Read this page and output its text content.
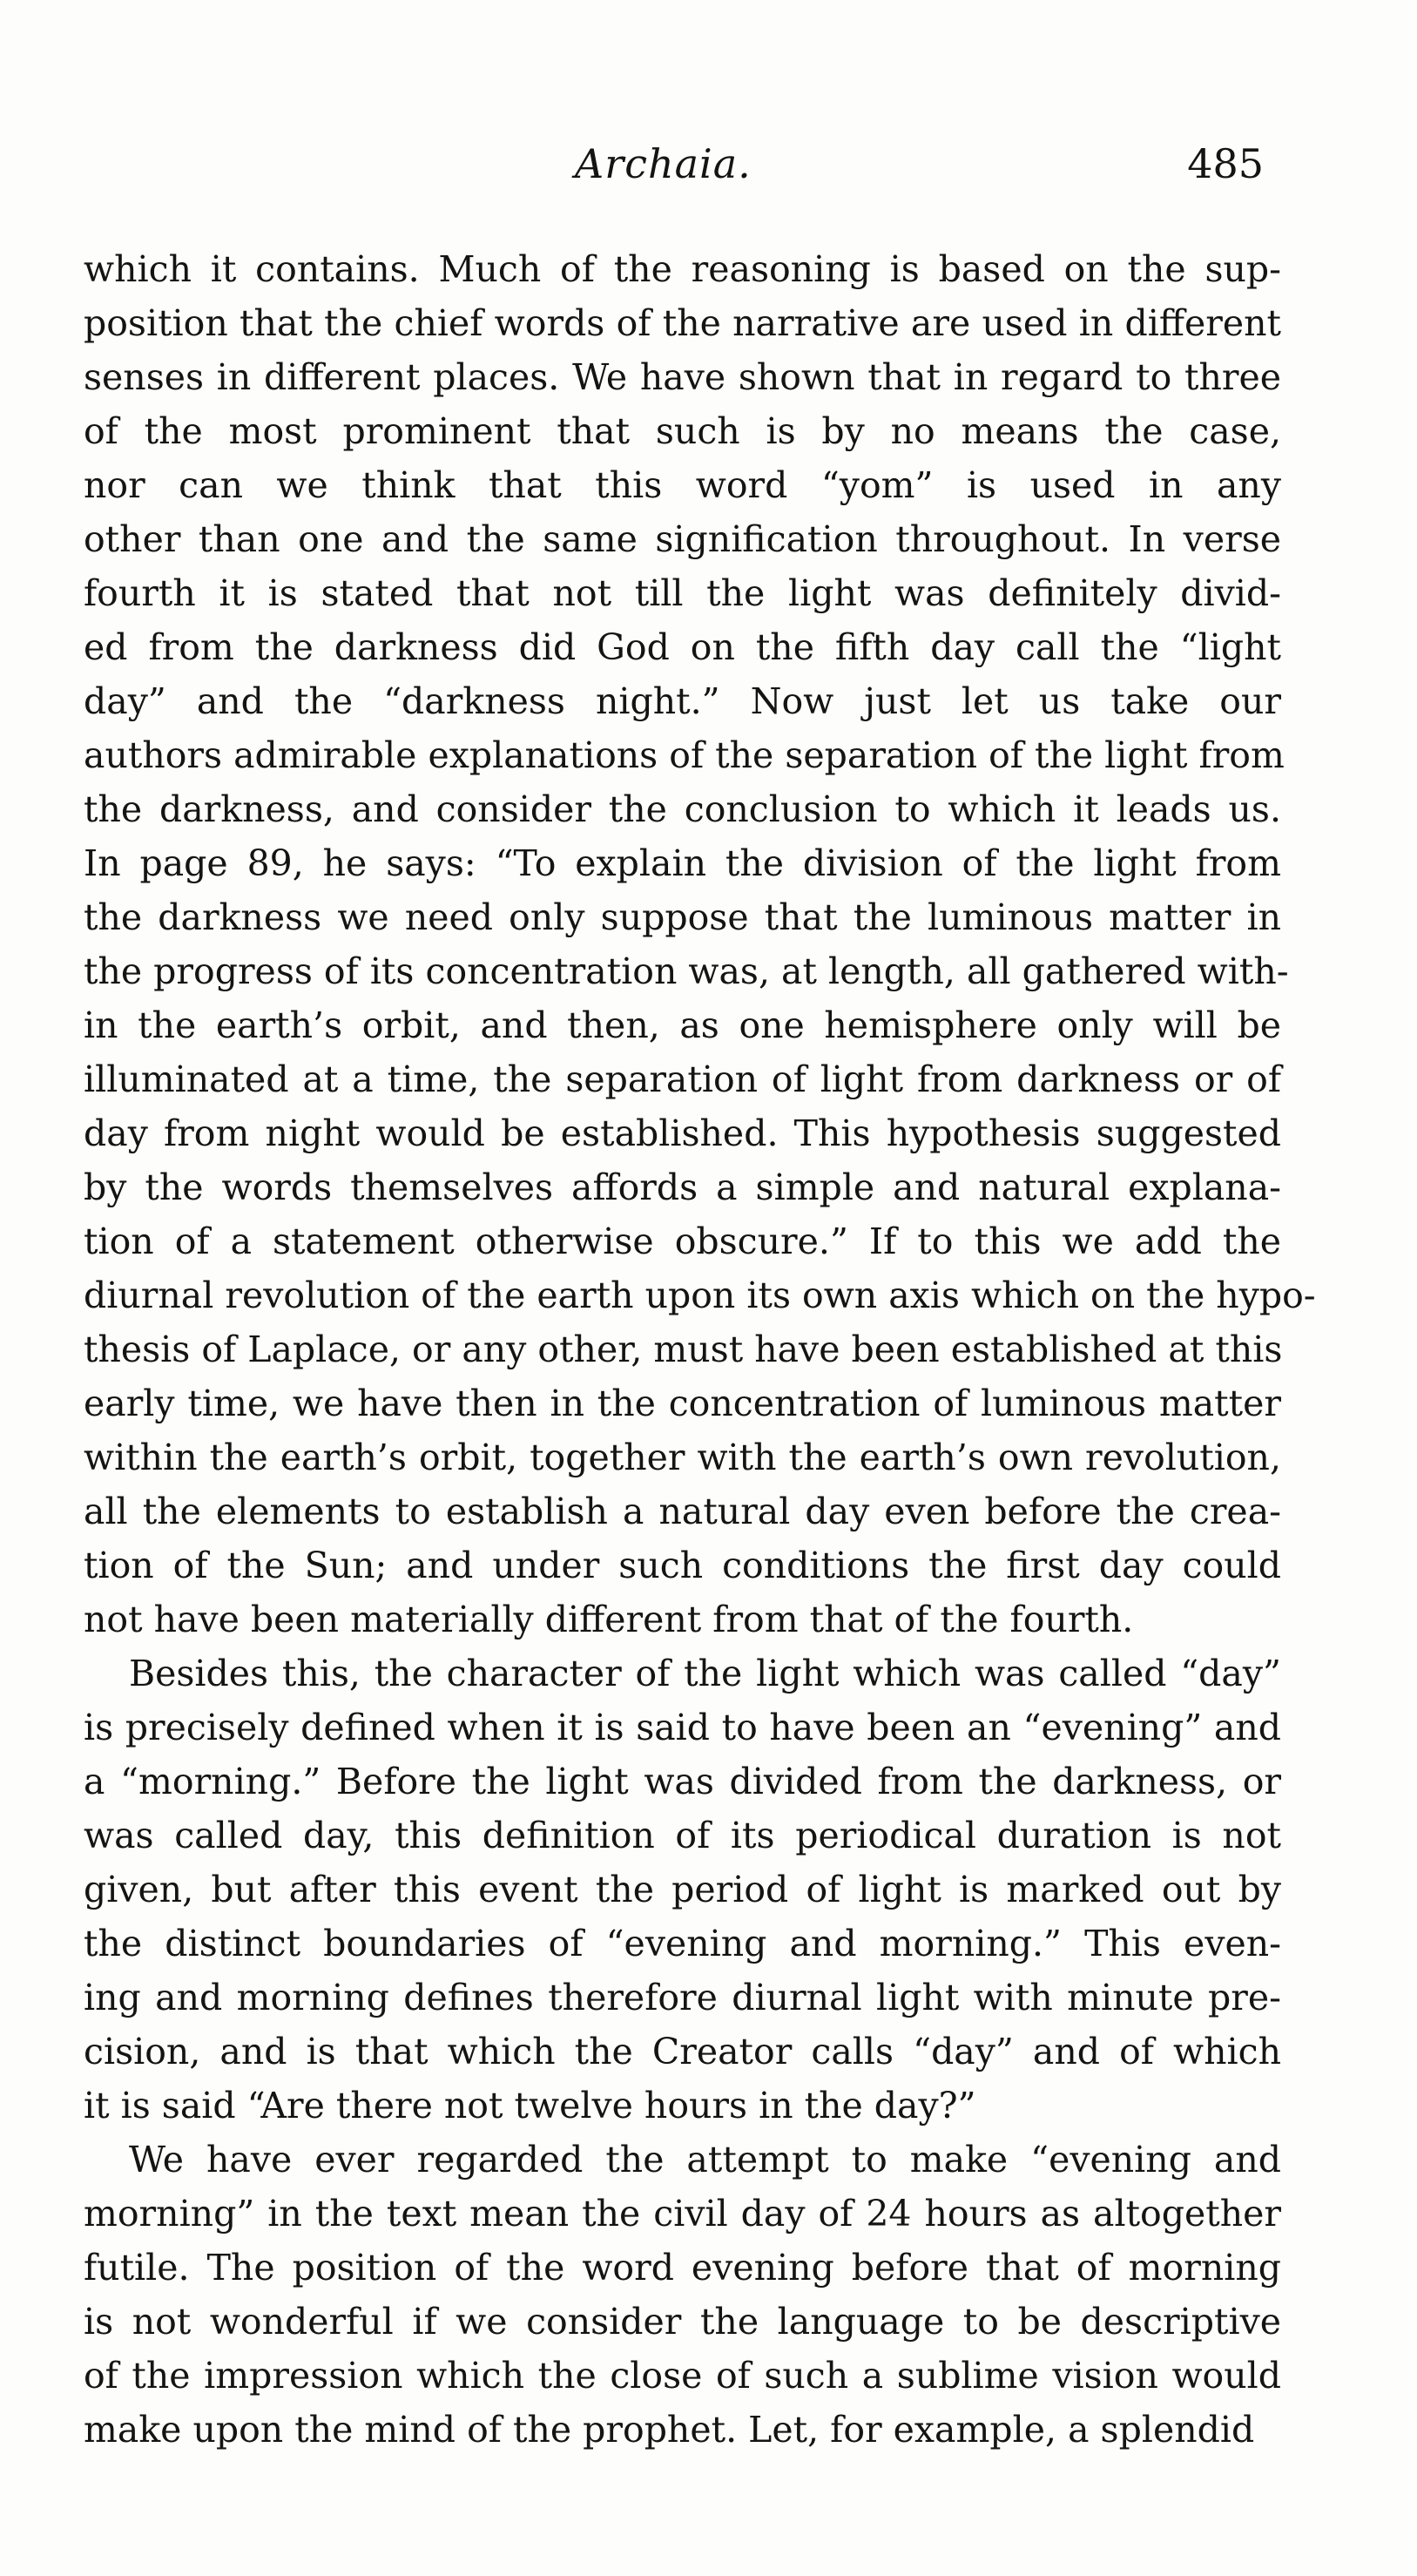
Archaia.	485
which it contains. Much of the reasoning is based on the sup-
position that the chief words of the narrative are used in different
senses in different places. We have shown that in regard to three
of the most prominent that such is by no means the case,
nor can we think that this word “yom” is used in any
other than one and the same signification throughout. In verse
fourth it is stated that not till the light was definitely divid-
ed from the darkness did God on the fifth day call the “light
day” and the “darkness night.” Now just let us take our
authors admirable explanations of the separation of the light from
the darkness, and consider the conclusion to which it leads us.
In page 89, he says: “To explain the division of the light from
the darkness we need only suppose that the luminous matter in
the progress of its concentration was, at length, all gathered with-
in the earth’s orbit, and then, as one hemisphere only will be
illuminated at a time, the separation of light from darkness or of
day from night would be established. This hypothesis suggested
by the words themselves affords a simple and natural explana-
tion of a statement otherwise obscure.” If to this we add the
diurnal revolution of the earth upon its own axis which on the hypo-
thesis of Laplace, or any other, must have been established at this
early time, we have then in the concentration of luminous matter
within the earth’s orbit, together with the earth’s own revolution,
all the elements to establish a natural day even before the crea-
tion of the Sun; and under such conditions the first day could
not have been materially different from that of the fourth.
Besides this, the character of the light which was called “day”
is precisely defined when it is said to have been an “evening” and
a “morning.” Before the light was divided from the darkness, or
was called day, this definition of its periodical duration is not
given, but after this event the period of light is marked out by
the distinct boundaries of “evening and morning.” This even-
ing and morning defines therefore diurnal light with minute pre-
cision, and is that which the Creator calls “day” and of which
it is said “Are there not twelve hours in the day?”
We have ever regarded the attempt to make “evening and
morning” in the text mean the civil day of 24 hours as altogether
futile. The position of the word evening before that of morning
is not wonderful if we consider the language to be descriptive
of the impression which the close of such a sublime vision would
make upon the mind of the prophet. Let, for example, a splendid
